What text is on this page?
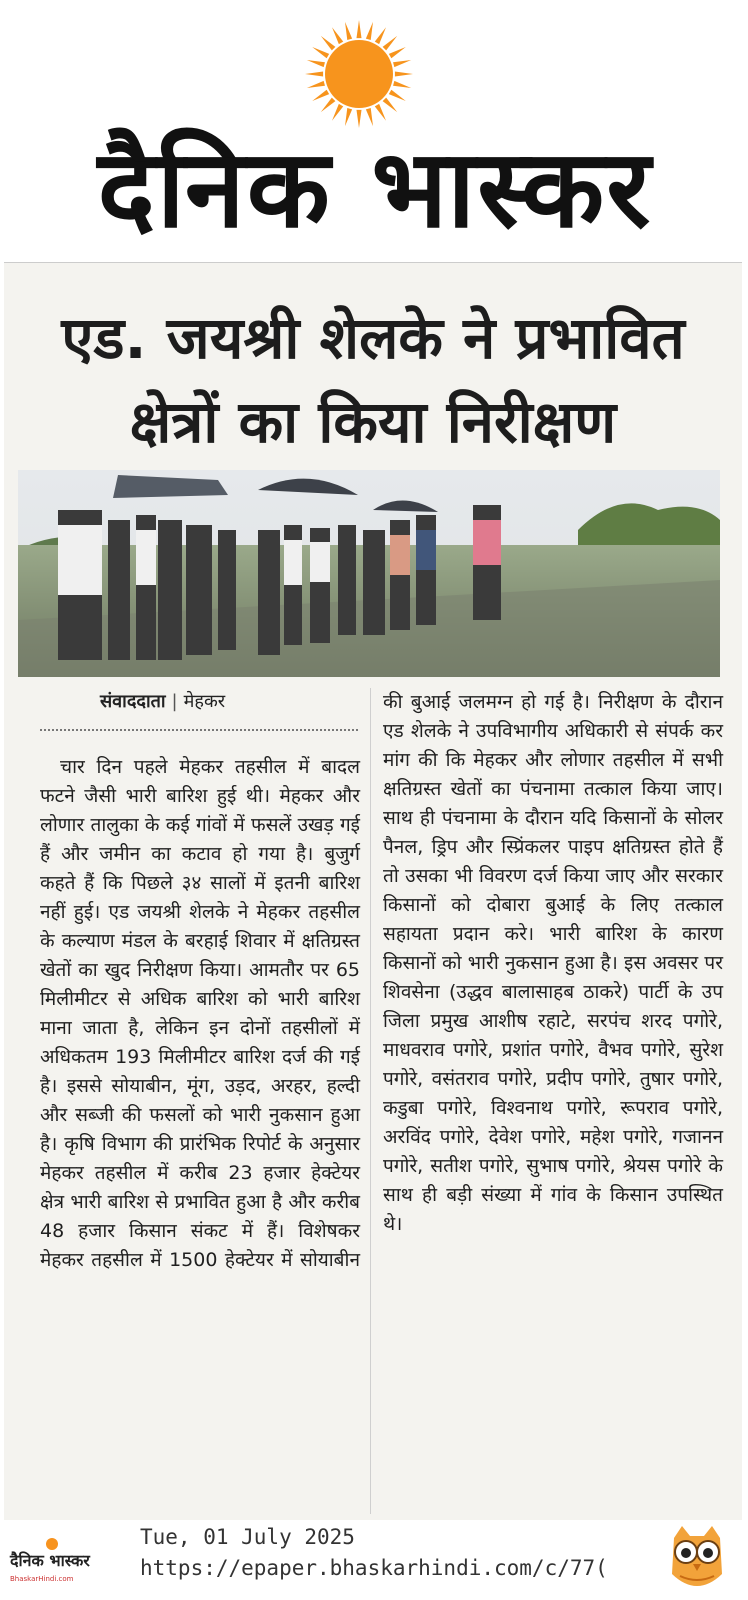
दैनिक भास्कर
एड. जयश्री शेलके ने प्रभावित
क्षेत्रों का किया निरीक्षण
संवाददाता | मेहकर
चार दिन पहले मेहकर तहसील में बादल फटने जैसी भारी बारिश हुई थी। मेहकर और लोणार तालुका के कई गांवों में फसलें उखड़ गई हैं और जमीन का कटाव हो गया है। बुजुर्ग कहते हैं कि पिछले ३४ सालों में इतनी बारिश नहीं हुई। एड जयश्री शेलके ने मेहकर तहसील के कल्याण मंडल के बरहाई शिवार में क्षतिग्रस्त खेतों का खुद निरीक्षण किया। आमतौर पर 65 मिलीमीटर से अधिक बारिश को भारी बारिश माना जाता है, लेकिन इन दोनों तहसीलों में अधिकतम 193 मिलीमीटर बारिश दर्ज की गई है। इससे सोयाबीन, मूंग, उड़द, अरहर, हल्दी और सब्जी की फसलों को भारी नुकसान हुआ है। कृषि विभाग की प्रारंभिक रिपोर्ट के अनुसार मेहकर तहसील में करीब 23 हजार हेक्टेयर क्षेत्र भारी बारिश से प्रभावित हुआ है और करीब 48 हजार किसान संकट में हैं। विशेषकर मेहकर तहसील में 1500 हेक्टेयर में सोयाबीन
की बुआई जलमग्न हो गई है। निरीक्षण के दौरान एड शेलके ने उपविभागीय अधिकारी से संपर्क कर मांग की कि मेहकर और लोणार तहसील में सभी क्षतिग्रस्त खेतों का पंचनामा तत्काल किया जाए। साथ ही पंचनामा के दौरान यदि किसानों के सोलर पैनल, ड्रिप और स्प्रिंकलर पाइप क्षतिग्रस्त होते हैं तो उसका भी विवरण दर्ज किया जाए और सरकार किसानों को दोबारा बुआई के लिए तत्काल सहायता प्रदान करे। भारी बारिश के कारण किसानों को भारी नुकसान हुआ है। इस अवसर पर शिवसेना (उद्धव बालासाहब ठाकरे) पार्टी के उप जिला प्रमुख आशीष रहाटे, सरपंच शरद पगोरे, माधवराव पगोरे, प्रशांत पगोरे, वैभव पगोरे, सुरेश पगोरे, वसंतराव पगोरे, प्रदीप पगोरे, तुषार पगोरे, कडुबा पगोरे, विश्वनाथ पगोरे, रूपराव पगोरे, अरविंद पगोरे, देवेश पगोरे, महेश पगोरे, गजानन पगोरे, सतीश पगोरे, सुभाष पगोरे, श्रेयस पगोरे के साथ ही बड़ी संख्या में गांव के किसान उपस्थित थे।
दैनिक भास्कर
BhaskarHindi.com
Tue, 01 July 2025
https://epaper.bhaskarhindi.com/c/77(
